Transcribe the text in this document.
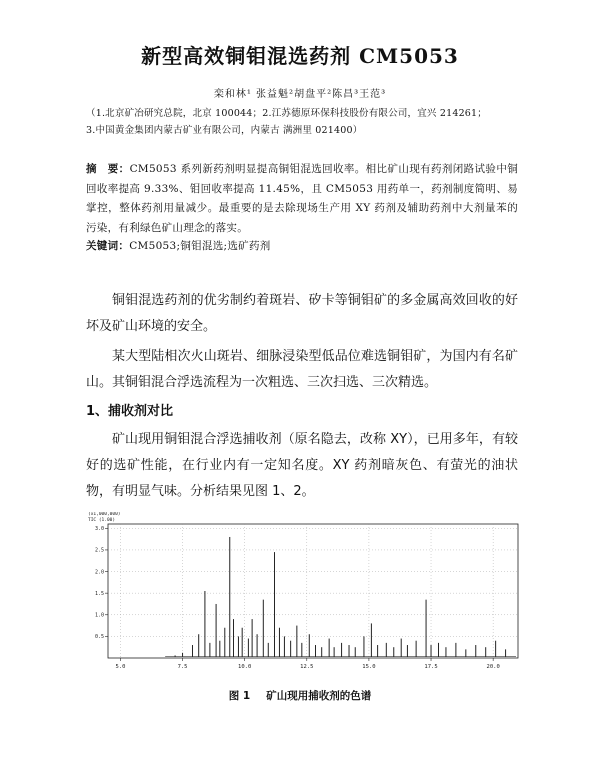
新型高效铜钼混选药剂 CM5053
栾和林¹ 张益魁²胡盘平²陈昌³王范³
（1.北京矿冶研究总院，北京 100044；2.江苏德原环保科技股份有限公司，宜兴 214261；
3.中国黄金集团内蒙古矿业有限公司，内蒙古 满洲里 021400）
摘　要：CM5053 系列新药剂明显提高铜钼混选回收率。相比矿山现有药剂闭路试验中铜回收率提高 9.33%、钼回收率提高 11.45%，且 CM5053 用药单一，药剂制度简明、易掌控，整体药剂用量减少。最重要的是去除现场生产用 XY 药剂及辅助药剂中大剂量苯的污染，有利绿色矿山理念的落实。
关键词：CM5053;铜钼混选;选矿药剂
铜钼混选药剂的优劣制约着斑岩、矽卡等铜钼矿的多金属高效回收的好坏及矿山环境的安全。
某大型陆相次火山斑岩、细脉浸染型低品位难选铜钼矿，为国内有名矿山。其铜钼混合浮选流程为一次粗选、三次扫选、三次精选。
1、捕收剂对比
矿山现用铜钼混合浮选捕收剂（原名隐去，改称 XY），已用多年，有较好的选矿性能，在行业内有一定知名度。XY 药剂暗灰色、有萤光的油状物，有明显气味。分析结果见图 1、2。
(x1,000,000)
TIC (1.00)
0.5
1.0
1.5
2.0
2.5
3.0
5.0	7.5	10.0	12.5	15.0	17.5	20.0
图 1 矿山现用捕收剂的色谱
